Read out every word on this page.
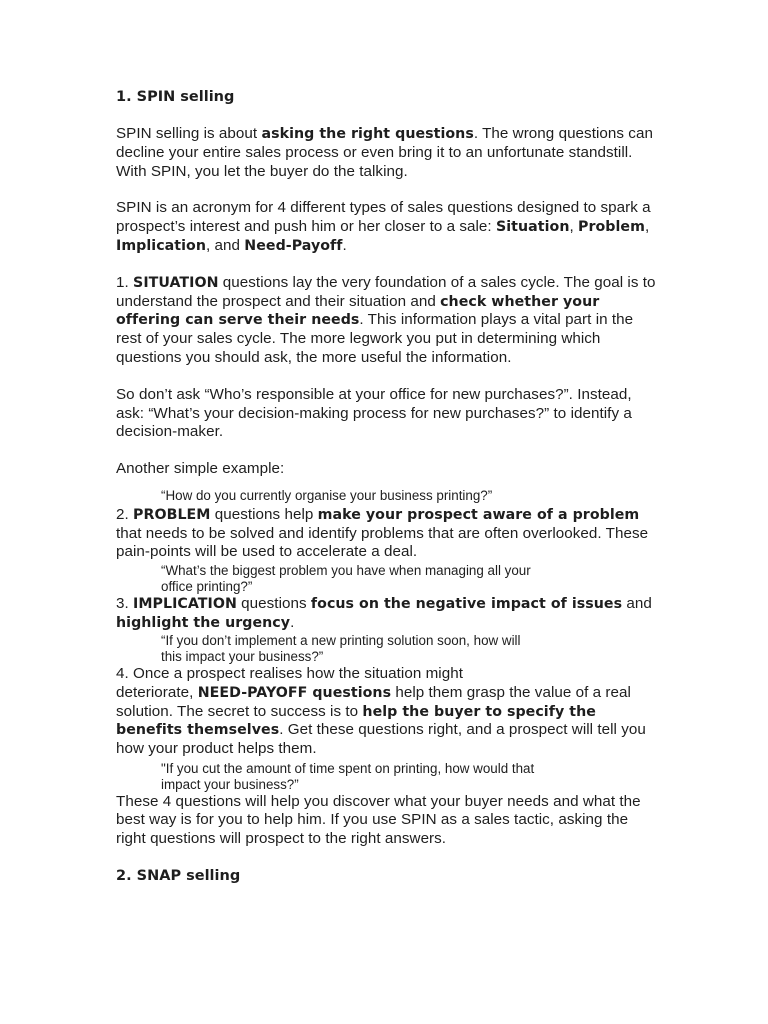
1. SPIN selling

SPIN selling is about asking the right questions. The wrong questions can decline your entire sales process or even bring it to an unfortunate standstill. With SPIN, you let the buyer do the talking.

SPIN is an acronym for 4 different types of sales questions designed to spark a prospect’s interest and push him or her closer to a sale: Situation, Problem, Implication, and Need-Payoff.

1. SITUATION questions lay the very foundation of a sales cycle. The goal is to understand the prospect and their situation and check whether your offering can serve their needs. This information plays a vital part in the rest of your sales cycle. The more legwork you put in determining which questions you should ask, the more useful the information.

So don’t ask “Who’s responsible at your office for new purchases?”. Instead, ask: “What’s your decision-making process for new purchases?” to identify a decision-maker.

Another simple example:

“How do you currently organise your business printing?”

2. PROBLEM questions help make your prospect aware of a problem that needs to be solved and identify problems that are often overlooked. These pain-points will be used to accelerate a deal.

“What’s the biggest problem you have when managing all your
office printing?”

3. IMPLICATION questions focus on the negative impact of issues and highlight the urgency.

“If you don’t implement a new printing solution soon, how will
this impact your business?”

4. Once a prospect realises how the situation might
deteriorate, NEED-PAYOFF questions help them grasp the value of a real solution. The secret to success is to help the buyer to specify the benefits themselves. Get these questions right, and a prospect will tell you how your product helps them.

"If you cut the amount of time spent on printing, how would that
impact your business?”

These 4 questions will help you discover what your buyer needs and what the best way is for you to help him. If you use SPIN as a sales tactic, asking the right questions will prospect to the right answers.

2. SNAP selling
